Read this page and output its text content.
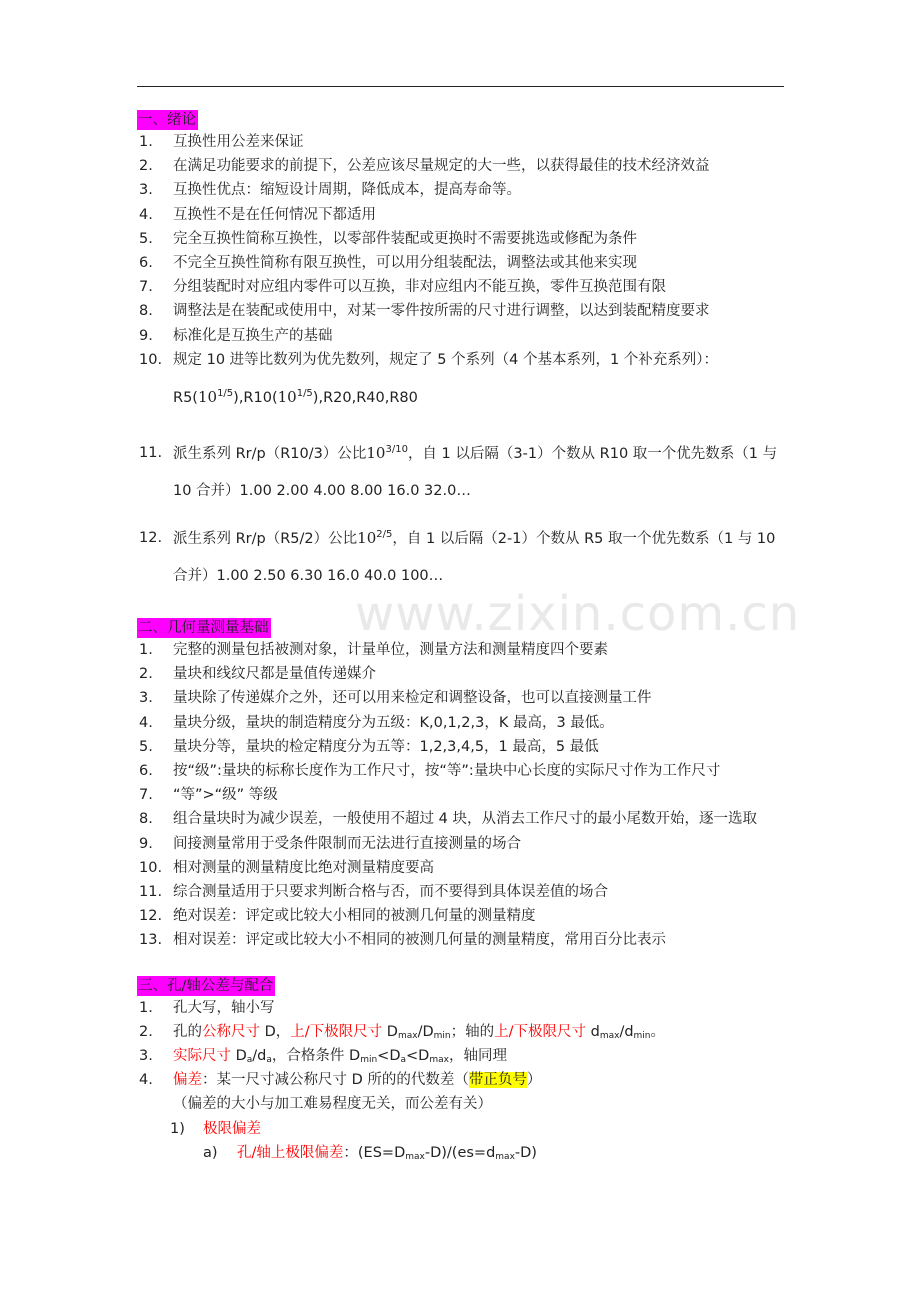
www.zixin.com.cn
一、绪论
1. 互换性用公差来保证
2. 在满足功能要求的前提下，公差应该尽量规定的大一些，以获得最佳的技术经济效益
3. 互换性优点：缩短设计周期，降低成本，提高寿命等。
4. 互换性不是在任何情况下都适用
5. 完全互换性简称互换性，以零部件装配或更换时不需要挑选或修配为条件
6. 不完全互换性简称有限互换性，可以用分组装配法，调整法或其他来实现
7. 分组装配时对应组内零件可以互换，非对应组内不能互换，零件互换范围有限
8. 调整法是在装配或使用中，对某一零件按所需的尺寸进行调整，以达到装配精度要求
9. 标准化是互换生产的基础
10. 规定 10 进等比数列为优先数列，规定了 5 个系列（4 个基本系列，1 个补充系列）：
$R5(10^{1/5}),R10(10^{1/5}),R20,R40,R80$
11. 派生系列 Rr/p（R10/3）公比$10^{3/10}$，自 1 以后隔（3-1）个数从 R10 取一个优先数系（1 与 10 合并）1.00 2.00 4.00 8.00 16.0 32.0…
12. 派生系列 Rr/p（R5/2）公比$10^{2/5}$，自 1 以后隔（2-1）个数从 R5 取一个优先数系（1 与 10 合并）1.00 2.50 6.30 16.0 40.0 100…
二、几何量测量基础
1. 完整的测量包括被测对象，计量单位，测量方法和测量精度四个要素
2. 量块和线纹尺都是量值传递媒介
3. 量块除了传递媒介之外，还可以用来检定和调整设备，也可以直接测量工件
4. 量块分级，量块的制造精度分为五级：K,0,1,2,3，K 最高，3 最低。
5. 量块分等，量块的检定精度分为五等：1,2,3,4,5，1 最高，5 最低
6. 按“级”:量块的标称长度作为工作尺寸，按“等”:量块中心长度的实际尺寸作为工作尺寸
7. “等”>“级” 等级
8. 组合量块时为减少误差，一般使用不超过 4 块，从消去工作尺寸的最小尾数开始，逐一选取
9. 间接测量常用于受条件限制而无法进行直接测量的场合
10. 相对测量的测量精度比绝对测量精度要高
11. 综合测量适用于只要求判断合格与否，而不要得到具体误差值的场合
12. 绝对误差：评定或比较大小相同的被测几何量的测量精度
13. 相对误差：评定或比较大小不相同的被测几何量的测量精度，常用百分比表示
三、孔/轴公差与配合
1. 孔大写，轴小写
2. 孔的公称尺寸 D，上/下极限尺寸 $D_{max}/D_{min}$；轴的上/下极限尺寸 $d_{max}/d_{min}$。
3. 实际尺寸 $D_a/d_a$，合格条件 $D_{min}<D_a<D_{max}$，轴同理
4. 偏差：某一尺寸减公称尺寸 D 所的的代数差（带正负号）
（偏差的大小与加工难易程度无关，而公差有关）
1) 极限偏差
a) 孔/轴上极限偏差：$(ES=D_{max}-D)/(es=d_{max}-D)$
